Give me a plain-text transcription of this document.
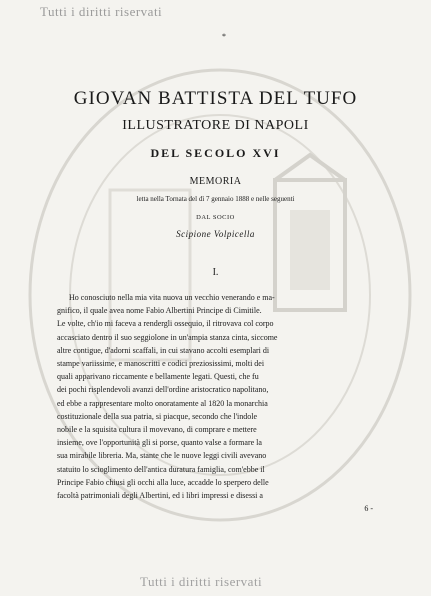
Tutti i diritti riservati
*
GIOVAN BATTISTA DEL TUFO
ILLUSTRATORE DI NAPOLI
DEL SECOLO XVI
MEMORIA
letta nella Tornata del dì 7 gennaio 1888 e nelle seguenti
DAL SOCIO
Scipione Volpicella
I.
Ho conosciuto nella mia vita nuova un vecchio venerando e ma-
gnifico, il quale avea nome Fabio Albertini Principe di Cimitile.
Le volte, ch'io mi faceva a rendergli ossequio, il ritrovava col corpo
accasciato dentro il suo seggiolone in un'ampia stanza cinta, siccome
altre contigue, d'adorni scaffali, in cui stavano accolti esemplari di
stampe variissime, e manoscritti e codici preziosissimi, molti dei
quali apparivano riccamente e bellamente legati. Questi, che fu
dei pochi risplendevoli avanzi dell'ordine aristocratico napolitano,
ed ebbe a rappresentare molto onoratamente al 1820 la monarchia
costituzionale della sua patria, si piacque, secondo che l'indole
nobile e la squisita cultura il movevano, di comprare e mettere
insieme, ove l'opportunità gli si porse, quanto valse a formare la
sua mirabile libreria. Ma, stante che le nuove leggi civili avevano
statuito lo scioglimento dell'antica duratura famiglia, com'ebbe il
Principe Fabio chiusi gli occhi alla luce, accadde lo sperpero delle
facoltà patrimoniali degli Albertini, ed i libri impressi e disessi a
6 -
Tutti i diritti riservati
